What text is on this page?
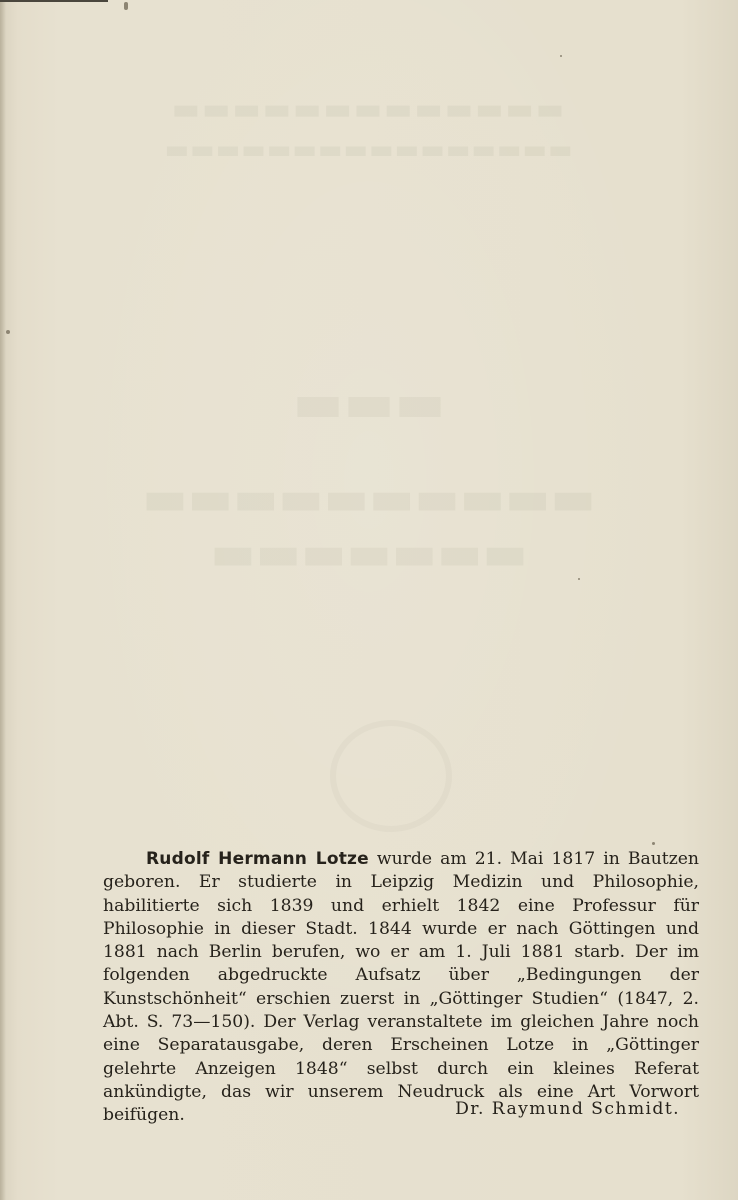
▬▬▬▬▬▬▬▬▬▬▬▬▬
▬▬▬▬▬▬▬▬▬▬▬▬▬▬▬▬
▬▬▬
▬▬▬▬▬▬▬▬▬▬
▬▬▬▬▬▬▬

Rudolf Hermann Lotze wurde am 21. Mai 1817 in Bautzen geboren. Er studierte in Leipzig Medizin und Philosophie, habilitierte sich 1839 und erhielt 1842 eine Professur für Philosophie in dieser Stadt. 1844 wurde er nach Göttingen und 1881 nach Berlin berufen, wo er am 1. Juli 1881 starb. Der im folgenden abgedruckte Aufsatz über „Bedingungen der Kunstschönheit“ erschien zuerst in „Göttinger Studien“ (1847, 2. Abt. S. 73—150). Der Verlag veranstaltete im gleichen Jahre noch eine Separatausgabe, deren Erscheinen Lotze in „Göttinger gelehrte Anzeigen 1848“ selbst durch ein kleines Referat ankündigte, das wir unserem Neudruck als eine Art Vorwort beifügen.	Dr. Raymund Schmidt.
